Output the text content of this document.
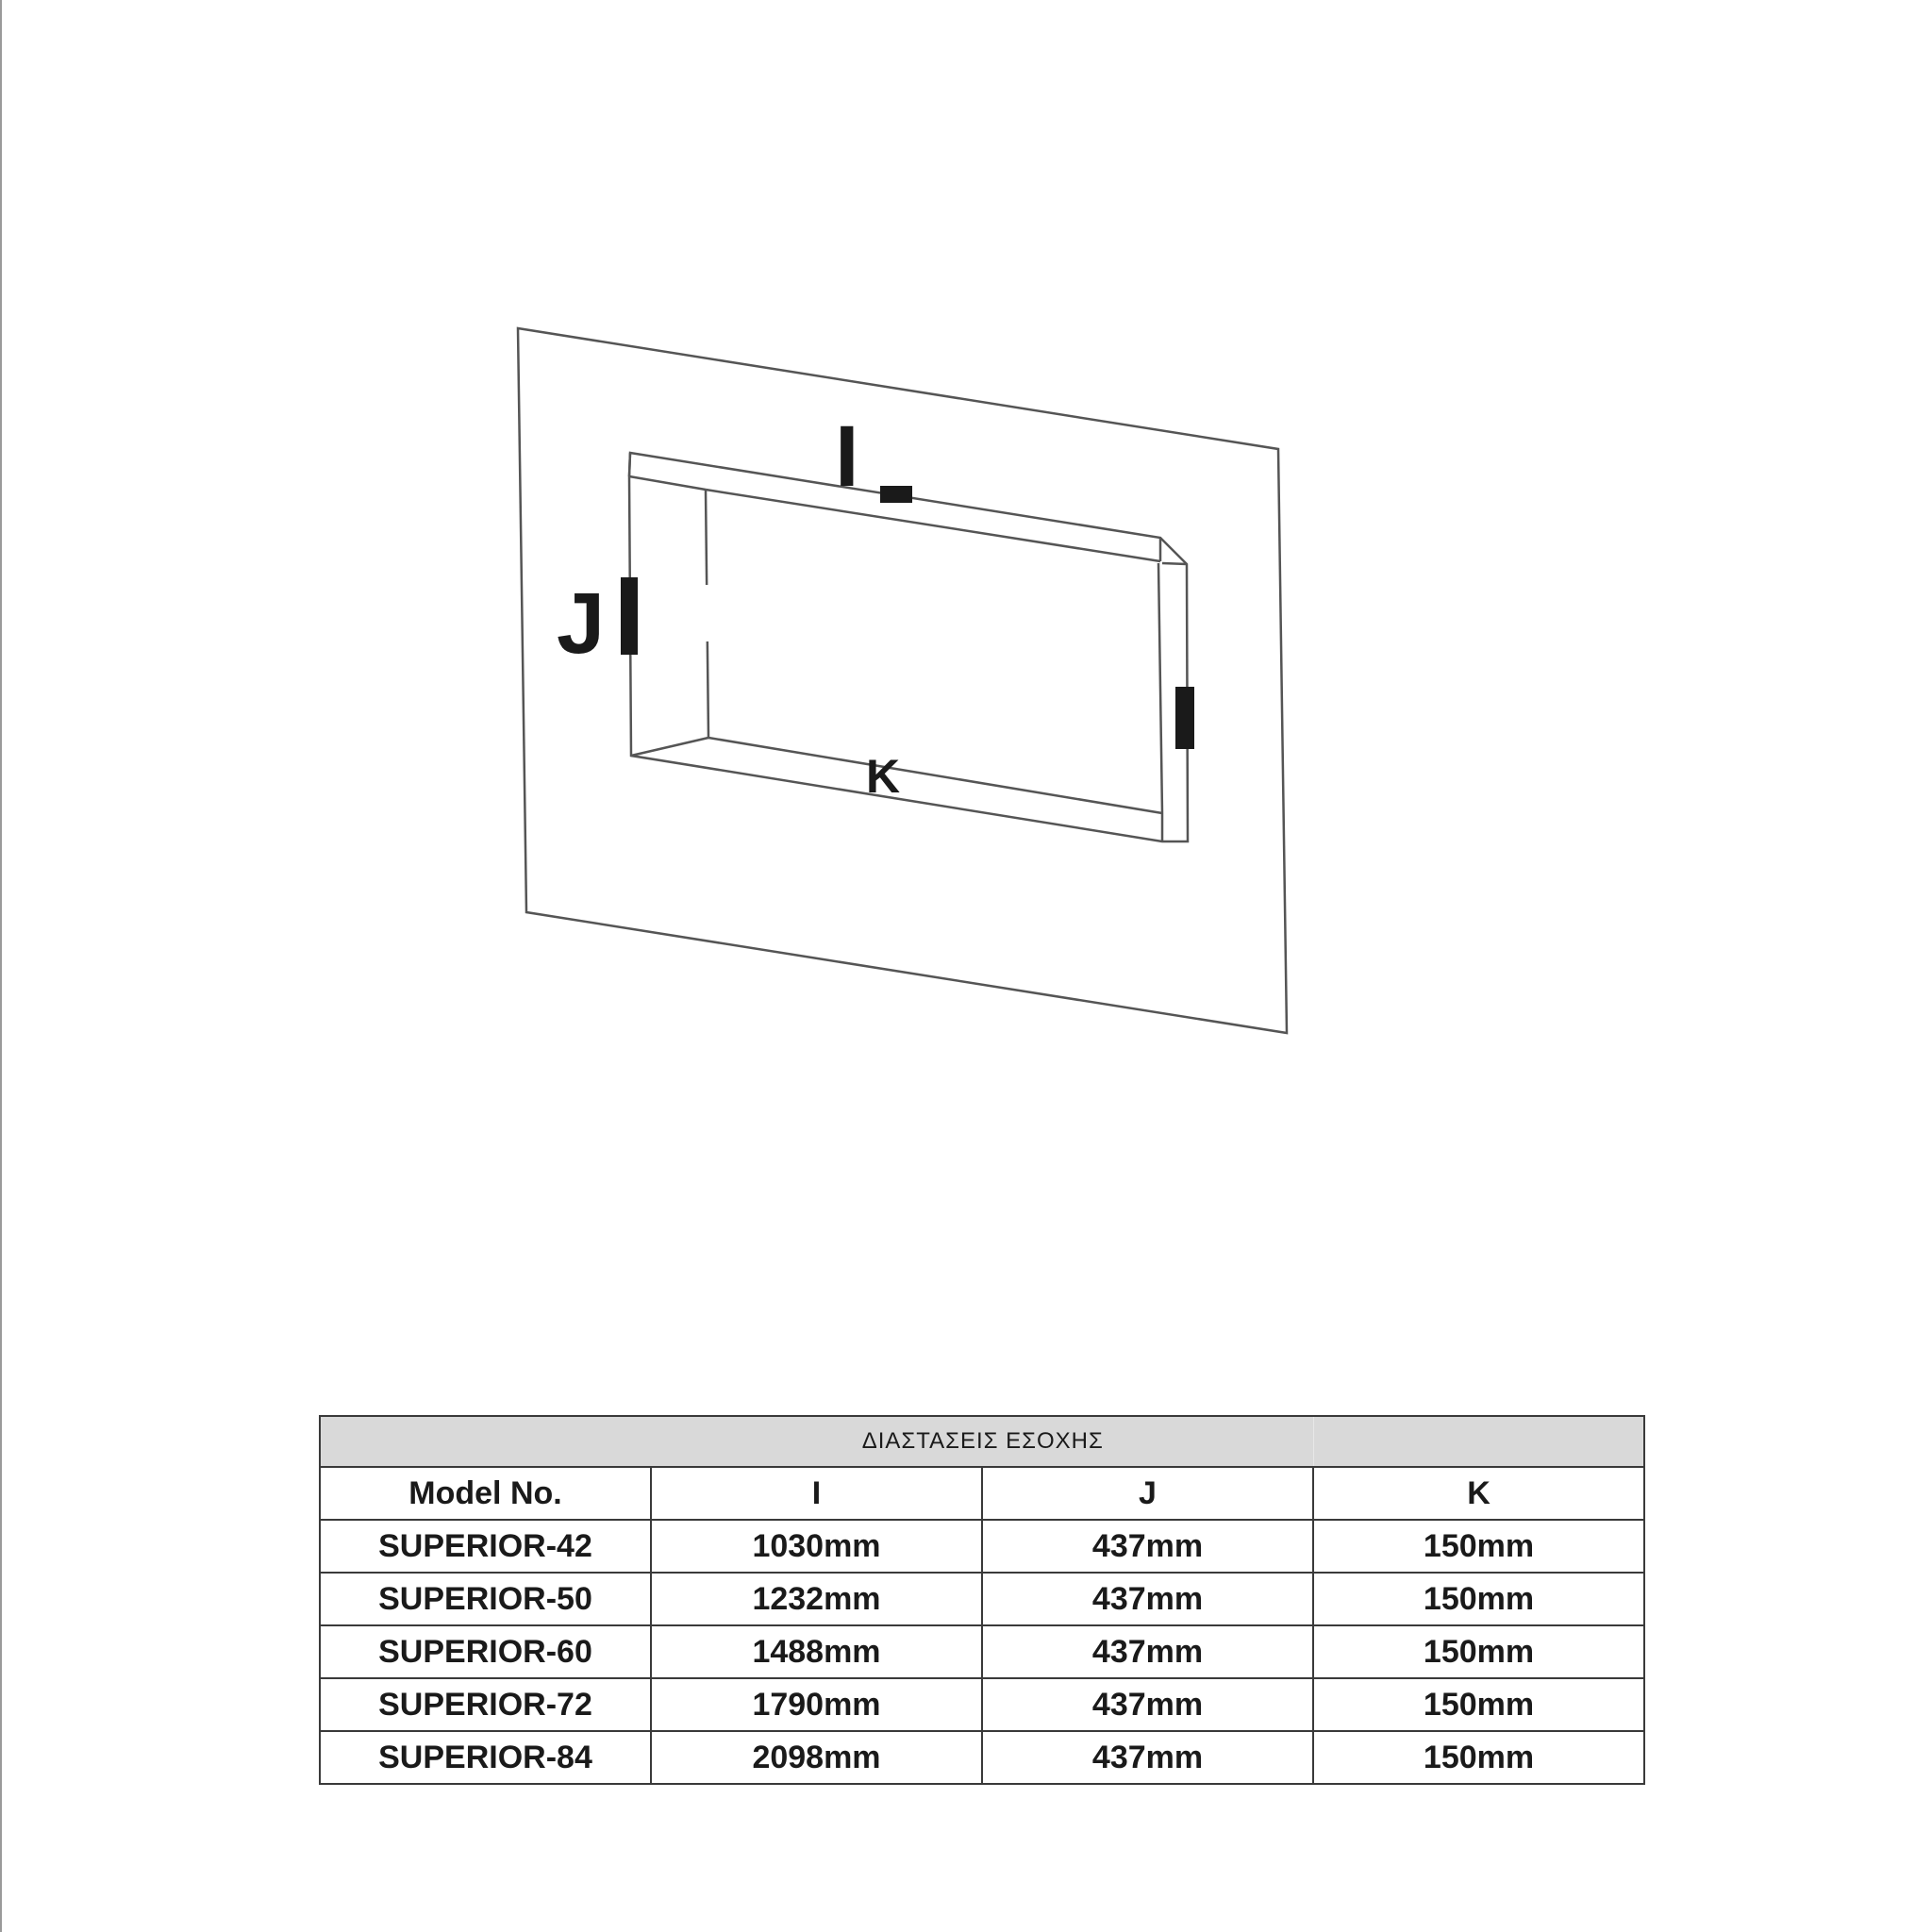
I
J
K
ΔΙΑΣΤΑΣΕΙΣ ΕΣΟΧΗΣ			
Model No.	I	J	K
SUPERIOR-42	1030mm	437mm	150mm
SUPERIOR-50	1232mm	437mm	150mm
SUPERIOR-60	1488mm	437mm	150mm
SUPERIOR-72	1790mm	437mm	150mm
SUPERIOR-84	2098mm	437mm	150mm
